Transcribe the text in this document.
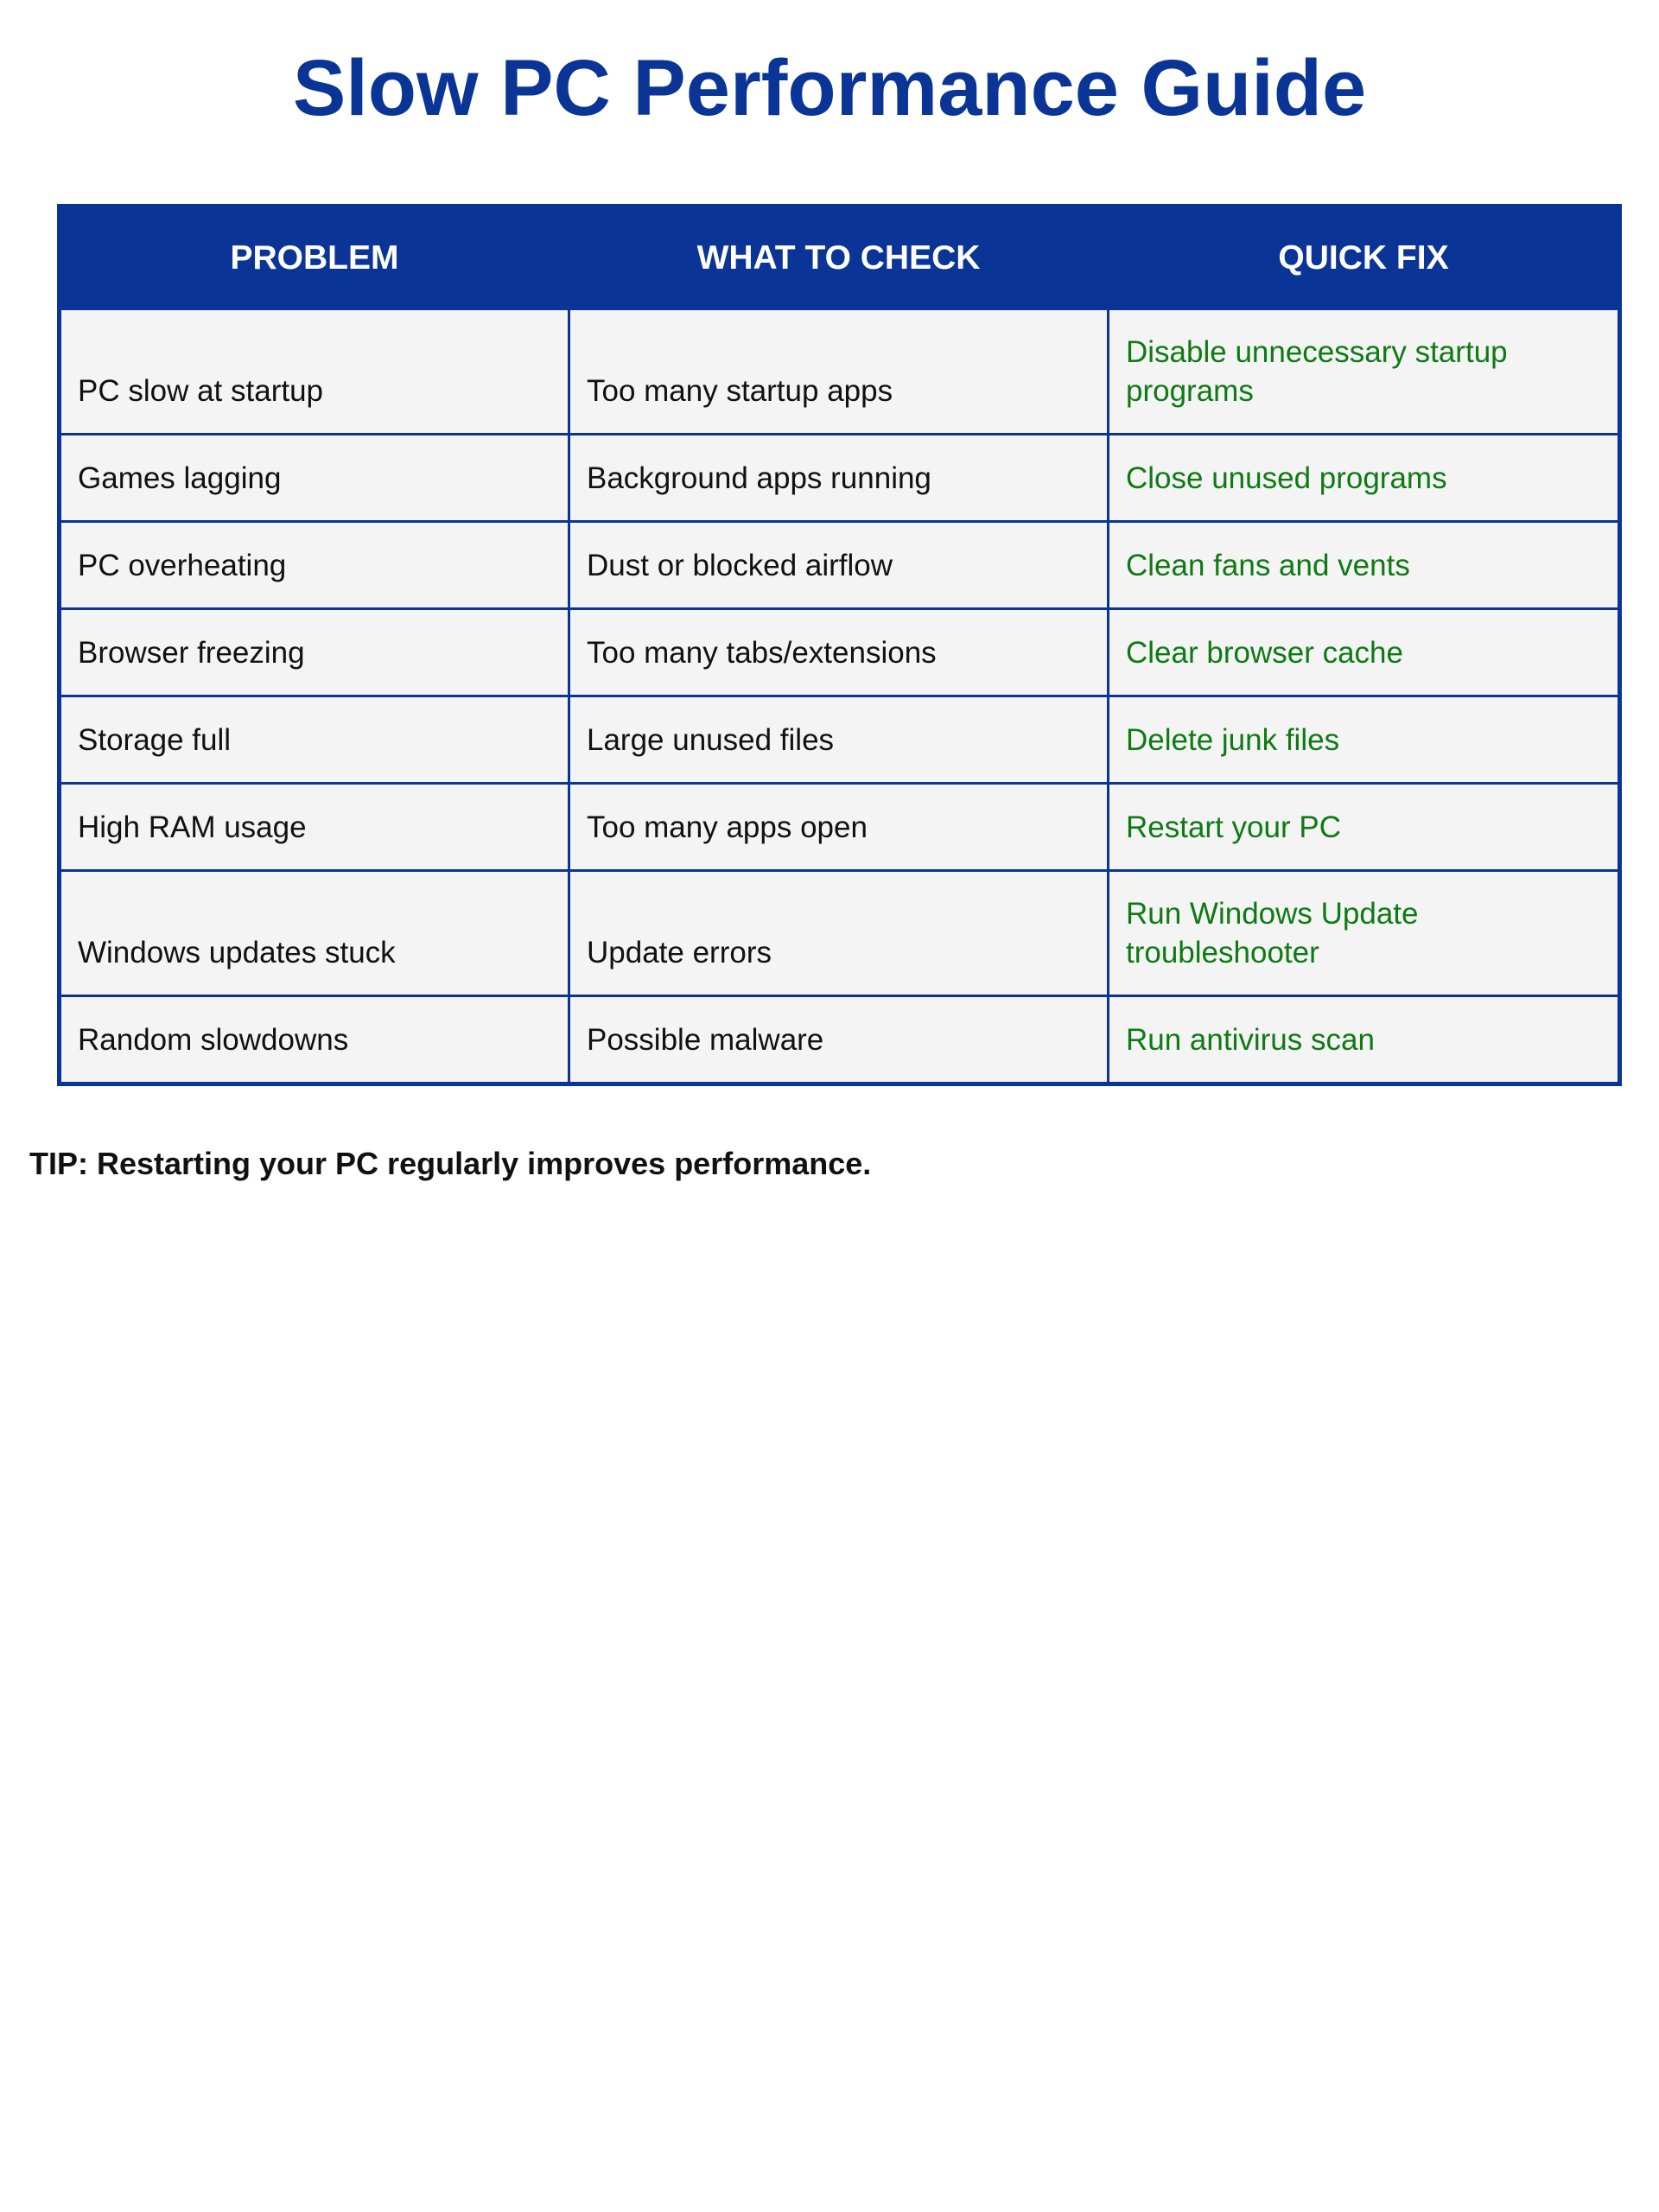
Slow PC Performance Guide
PROBLEM	WHAT TO CHECK	QUICK FIX
PC slow at startup	Too many startup apps	Disable unnecessary startup programs
Games lagging	Background apps running	Close unused programs
PC overheating	Dust or blocked airflow	Clean fans and vents
Browser freezing	Too many tabs/extensions	Clear browser cache
Storage full	Large unused files	Delete junk files
High RAM usage	Too many apps open	Restart your PC
Windows updates stuck	Update errors	Run Windows Update troubleshooter
Random slowdowns	Possible malware	Run antivirus scan

TIP: Restarting your PC regularly improves performance.
